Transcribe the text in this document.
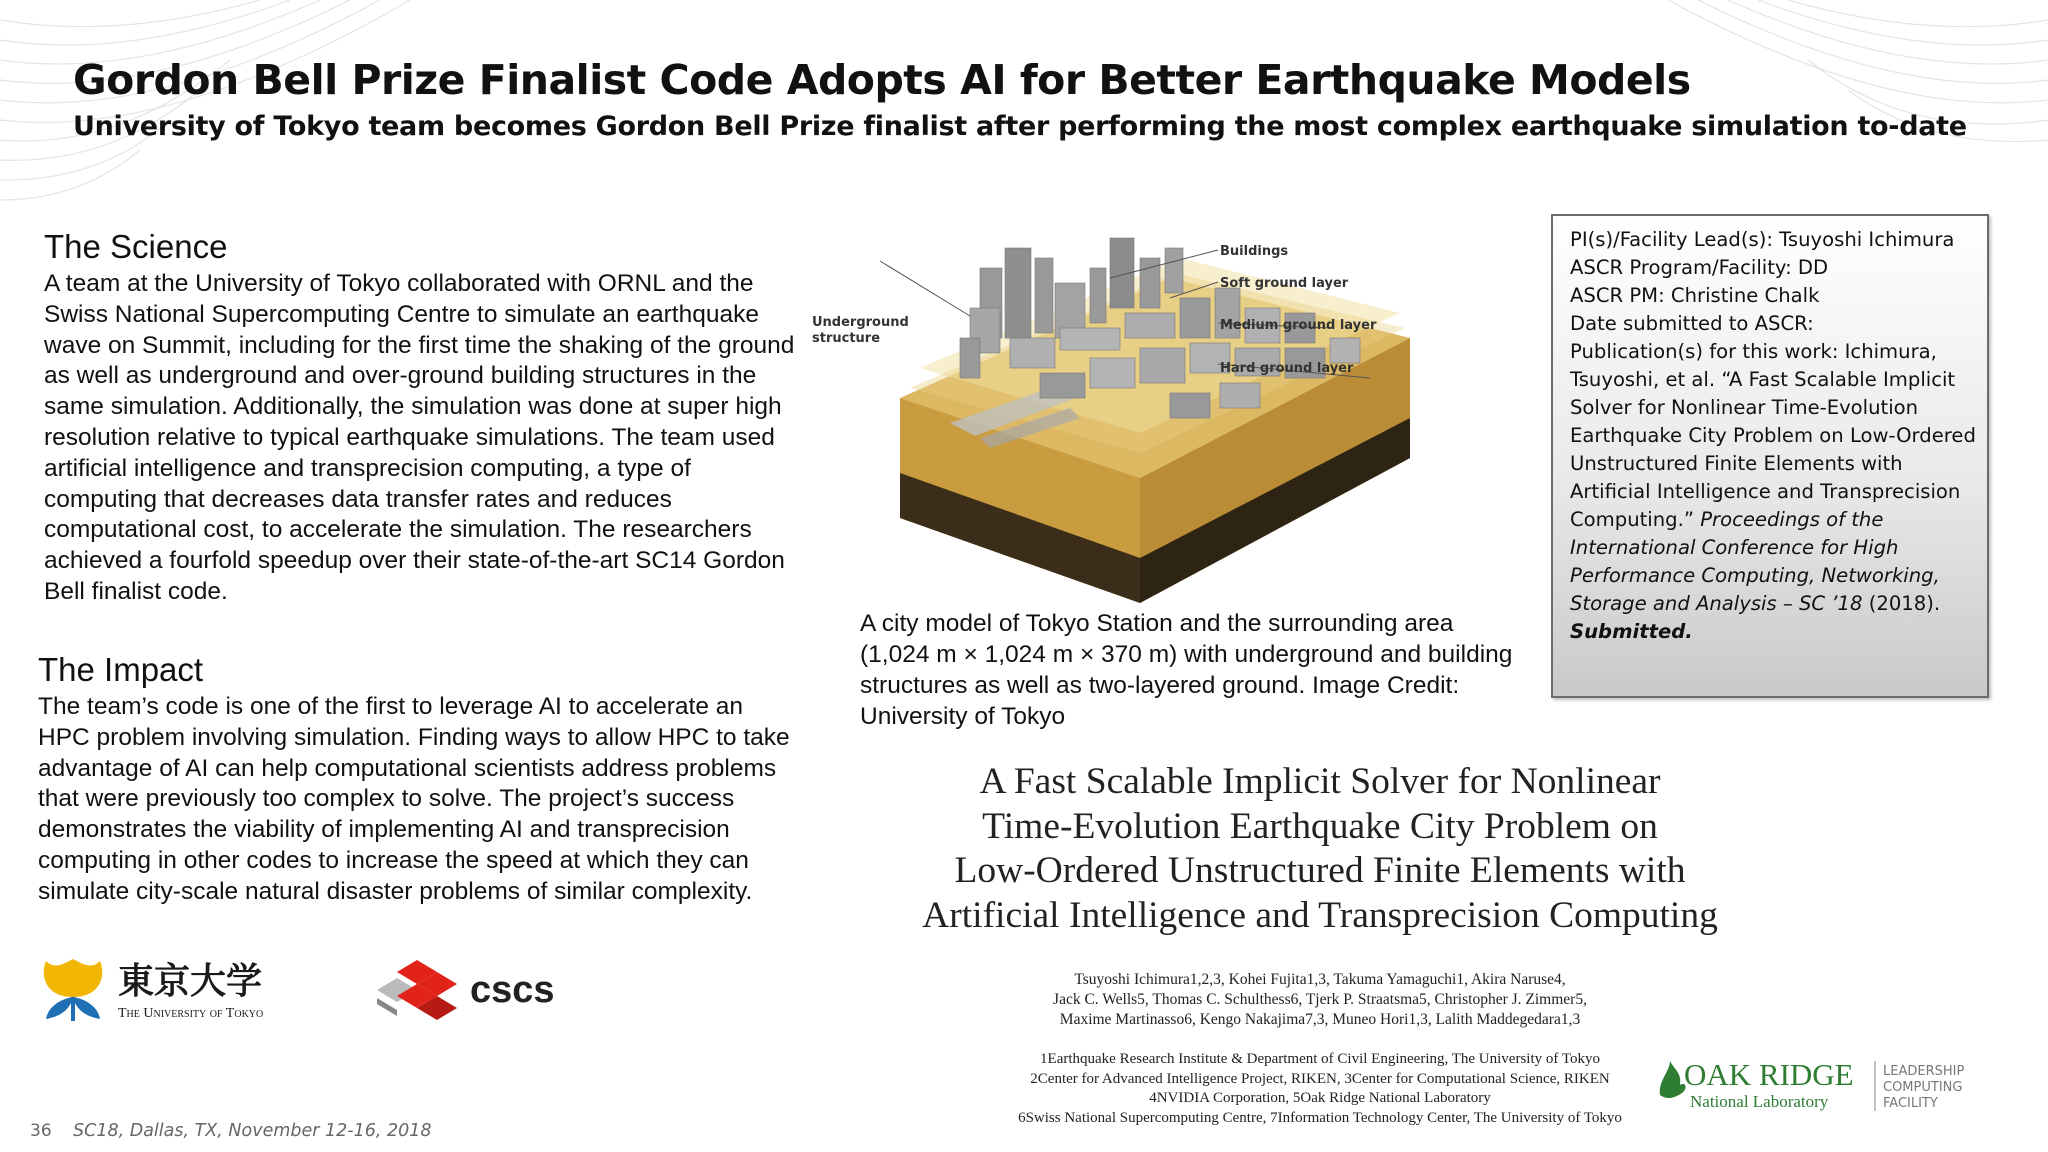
Gordon Bell Prize Finalist Code Adopts AI for Better Earthquake Models
University of Tokyo team becomes Gordon Bell Prize finalist after performing the most complex earthquake simulation to-date
The Science
A team at the University of Tokyo collaborated with ORNL and the Swiss National Supercomputing Centre to simulate an earthquake wave on Summit, including for the first time the shaking of the ground as well as underground and over-ground building structures in the same simulation. Additionally, the simulation was done at super high resolution relative to typical earthquake simulations. The team used artificial intelligence and transprecision computing, a type of computing that decreases data transfer rates and reduces computational cost, to accelerate the simulation. The researchers achieved a fourfold speedup over their state-of-the-art SC14 Gordon Bell finalist code.
The Impact
The team’s code is one of the first to leverage AI to accelerate an HPC problem involving simulation. Finding ways to allow HPC to take advantage of AI can help computational scientists address problems that were previously too complex to solve. The project’s success demonstrates the viability of implementing AI and transprecision computing in other codes to increase the speed at which they can simulate city-scale natural disaster problems of similar complexity.
Buildings
Soft ground layer
Medium ground layer
Hard ground layer
Underground
structure
A city model of Tokyo Station and the surrounding area (1,024 m × 1,024 m × 370 m) with underground and building structures as well as two-layered ground. Image Credit: University of Tokyo
PI(s)/Facility Lead(s): Tsuyoshi Ichimura
ASCR Program/Facility: DD
ASCR PM: Christine Chalk
Date submitted to ASCR:
Publication(s) for this work: Ichimura,
Tsuyoshi, et al. “A Fast Scalable Implicit
Solver for Nonlinear Time-Evolution
Earthquake City Problem on Low-Ordered
Unstructured Finite Elements with
Artificial Intelligence and Transprecision
Computing.” Proceedings of the
International Conference for High
Performance Computing, Networking,
Storage and Analysis – SC ’18 (2018).
Submitted.
A Fast Scalable Implicit Solver for Nonlinear
Time-Evolution Earthquake City Problem on
Low-Ordered Unstructured Finite Elements with
Artificial Intelligence and Transprecision Computing
Tsuyoshi Ichimura1,2,3, Kohei Fujita1,3, Takuma Yamaguchi1, Akira Naruse4,
Jack C. Wells5, Thomas C. Schulthess6, Tjerk P. Straatsma5, Christopher J. Zimmer5,
Maxime Martinasso6, Kengo Nakajima7,3, Muneo Hori1,3, Lalith Maddegedara1,3
1Earthquake Research Institute & Department of Civil Engineering, The University of Tokyo
2Center for Advanced Intelligence Project, RIKEN, 3Center for Computational Science, RIKEN
4NVIDIA Corporation, 5Oak Ridge National Laboratory
6Swiss National Supercomputing Centre, 7Information Technology Center, The University of Tokyo
東京大学
The University of Tokyo
cscs
OAK RIDGE
National Laboratory
LEADERSHIP
COMPUTING
FACILITY
36 SC18, Dallas, TX, November 12-16, 2018
